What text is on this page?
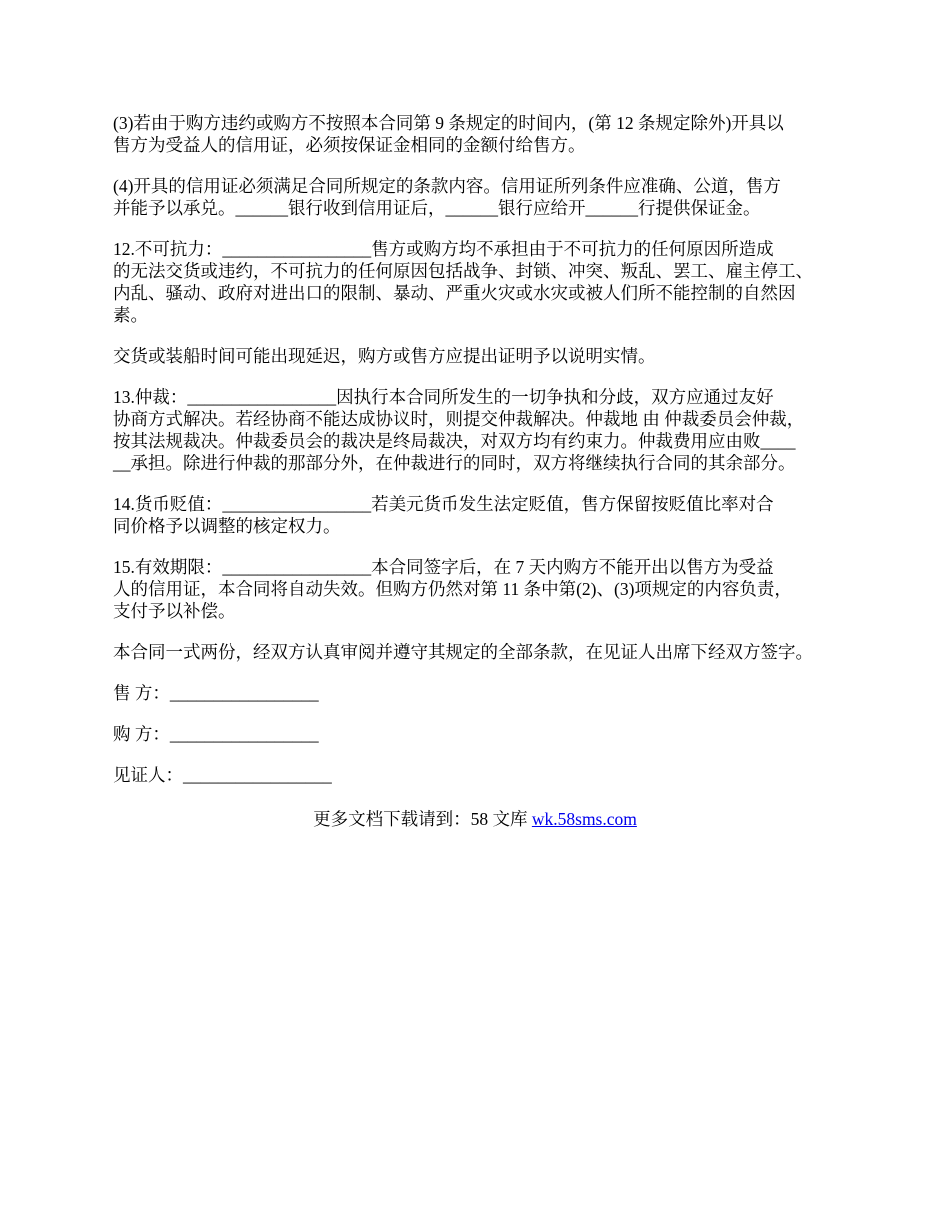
(3)若由于购方违约或购方不按照本合同第 9 条规定的时间内，(第 12 条规定除外)开具以
售方为受益人的信用证，必须按保证金相同的金额付给售方。

(4)开具的信用证必须满足合同所规定的条款内容。信用证所列条件应准确、公道，售方
并能予以承兑。______银行收到信用证后，______银行应给开______行提供保证金。

12.不可抗力：_________________售方或购方均不承担由于不可抗力的任何原因所造成
的无法交货或违约，不可抗力的任何原因包括战争、封锁、冲突、叛乱、罢工、雇主停工、
内乱、骚动、政府对进出口的限制、暴动、严重火灾或水灾或被人们所不能控制的自然因
素。

交货或装船时间可能出现延迟，购方或售方应提出证明予以说明实情。

13.仲裁：_________________因执行本合同所发生的一切争执和分歧，双方应通过友好
协商方式解决。若经协商不能达成协议时，则提交仲裁解决。仲裁地 由 仲裁委员会仲裁，
按其法规裁决。仲裁委员会的裁决是终局裁决，对双方均有约束力。仲裁费用应由败____
__承担。除进行仲裁的那部分外，在仲裁进行的同时，双方将继续执行合同的其余部分。

14.货币贬值：_________________若美元货币发生法定贬值，售方保留按贬值比率对合
同价格予以调整的核定权力。

15.有效期限：_________________本合同签字后，在 7 天内购方不能开出以售方为受益
人的信用证，本合同将自动失效。但购方仍然对第 11 条中第(2)、(3)项规定的内容负责，
支付予以补偿。

本合同一式两份，经双方认真审阅并遵守其规定的全部条款，在见证人出席下经双方签字。

售 方：_________________
购 方：_________________
见证人：_________________
更多文档下载请到：58 文库 wk.58sms.com
